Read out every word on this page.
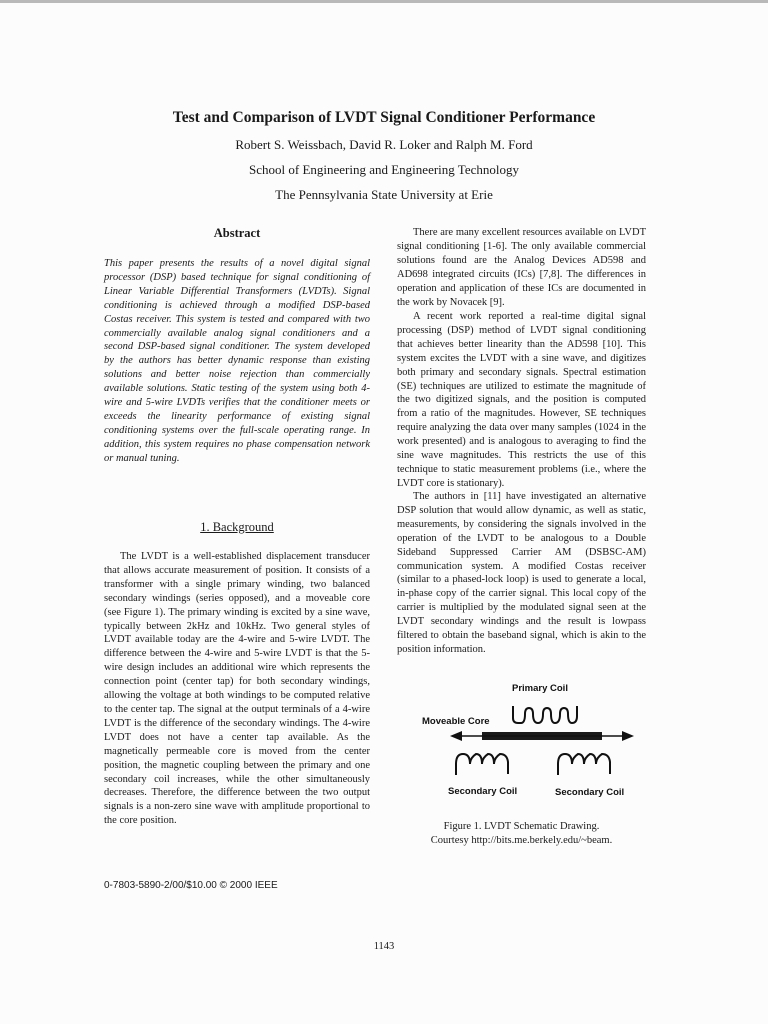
Test and Comparison of LVDT Signal Conditioner Performance
Robert S. Weissbach, David R. Loker and Ralph M. Ford
School of Engineering and Engineering Technology
The Pennsylvania State University at Erie
Abstract

This paper presents the results of a novel digital signal processor (DSP) based technique for signal conditioning of Linear Variable Differential Transformers (LVDTs). Signal conditioning is achieved through a modified DSP-based Costas receiver. This system is tested and compared with two commercially available analog signal conditioners and a second DSP-based signal conditioner. The system developed by the authors has better dynamic response than existing solutions and better noise rejection than commercially available solutions. Static testing of the system using both 4-wire and 5-wire LVDTs verifies that the conditioner meets or exceeds the linearity performance of existing signal conditioning systems over the full-scale operating range. In addition, this system requires no phase compensation network or manual tuning.

The LVDT is a well-established displacement transducer that allows accurate measurement of position. It consists of a transformer with a single primary winding, two balanced secondary windings (series opposed), and a moveable core (see Figure 1). The primary winding is excited by a sine wave, typically between 2kHz and 10kHz. Two general styles of LVDT available today are the 4-wire and 5-wire LVDT. The difference between the 4-wire and 5-wire LVDT is that the 5-wire design includes an additional wire which represents the connection point (center tap) for both secondary windings, allowing the voltage at both windings to be computed relative to the center tap. The signal at the output terminals of a 4-wire LVDT is the difference of the secondary windings. The 4-wire LVDT does not have a center tap available. As the magnetically permeable core is moved from the center position, the magnetic coupling between the primary and one secondary coil increases, while the other simultaneously decreases. Therefore, the difference between the two output signals is a non-zero sine wave with amplitude proportional to the core position.

1. Background

There are many excellent resources available on LVDT signal conditioning [1-6]. The only available commercial solutions found are the Analog Devices AD598 and AD698 integrated circuits (ICs) [7,8]. The differences in operation and application of these ICs are documented in the work by Novacek [9].

A recent work reported a real-time digital signal processing (DSP) method of LVDT signal conditioning that achieves better linearity than the AD598 [10]. This system excites the LVDT with a sine wave, and digitizes both primary and secondary signals. Spectral estimation (SE) techniques are utilized to estimate the magnitude of the two digitized signals, and the position is computed from a ratio of the magnitudes. However, SE techniques require analyzing the data over many samples (1024 in the work presented) and is analogous to averaging to find the sine wave magnitudes. This restricts the use of this technique to static measurement problems (i.e., where the LVDT core is stationary).

The authors in [11] have investigated an alternative DSP solution that would allow dynamic, as well as static, measurements, by considering the signals involved in the operation of the LVDT to be analogous to a Double Sideband Suppressed Carrier AM (DSBSC-AM) communication system. A modified Costas receiver (similar to a phased-lock loop) is used to generate a local, in-phase copy of the carrier signal. This local copy of the carrier is multiplied by the modulated signal seen at the LVDT secondary windings and the result is lowpass filtered to obtain the baseband signal, which is akin to the position information.

Primary Coil
Moveable Core
Secondary Coil	Secondary Coil
Figure 1. LVDT Schematic Drawing.
Courtesy http://bits.me.berkely.edu/~beam.
0-7803-5890-2/00/$10.00 © 2000 IEEE
1143
